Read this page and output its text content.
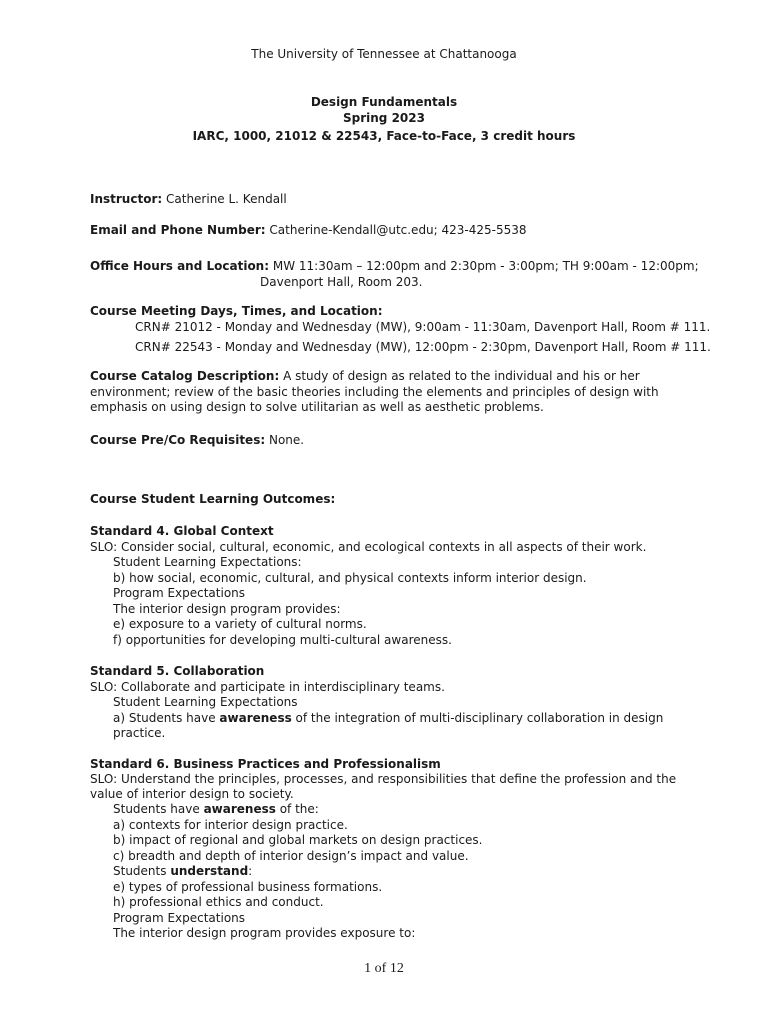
The University of Tennessee at Chattanooga
Design Fundamentals
Spring 2023
IARC, 1000, 21012 & 22543, Face-to-Face, 3 credit hours
Instructor: Catherine L. Kendall
Email and Phone Number: Catherine-Kendall@utc.edu; 423-425-5538
Office Hours and Location: MW 11:30am – 12:00pm and 2:30pm - 3:00pm; TH 9:00am - 12:00pm;
Davenport Hall, Room 203.
Course Meeting Days, Times, and Location:
CRN# 21012 - Monday and Wednesday (MW), 9:00am - 11:30am, Davenport Hall, Room # 111.
CRN# 22543 - Monday and Wednesday (MW), 12:00pm - 2:30pm, Davenport Hall, Room # 111.
Course Catalog Description: A study of design as related to the individual and his or her
environment; review of the basic theories including the elements and principles of design with
emphasis on using design to solve utilitarian as well as aesthetic problems.
Course Pre/Co Requisites: None.
Course Student Learning Outcomes:
Standard 4. Global Context
SLO: Consider social, cultural, economic, and ecological contexts in all aspects of their work.
Student Learning Expectations:
b) how social, economic, cultural, and physical contexts inform interior design.
Program Expectations
The interior design program provides:
e) exposure to a variety of cultural norms.
f) opportunities for developing multi-cultural awareness.
Standard 5. Collaboration
SLO: Collaborate and participate in interdisciplinary teams.
Student Learning Expectations
a) Students have awareness of the integration of multi-disciplinary collaboration in design
practice.
Standard 6. Business Practices and Professionalism
SLO: Understand the principles, processes, and responsibilities that define the profession and the
value of interior design to society.
Students have awareness of the:
a) contexts for interior design practice.
b) impact of regional and global markets on design practices.
c) breadth and depth of interior design’s impact and value.
Students understand:
e) types of professional business formations.
h) professional ethics and conduct.
Program Expectations
The interior design program provides exposure to:
1 of 12
